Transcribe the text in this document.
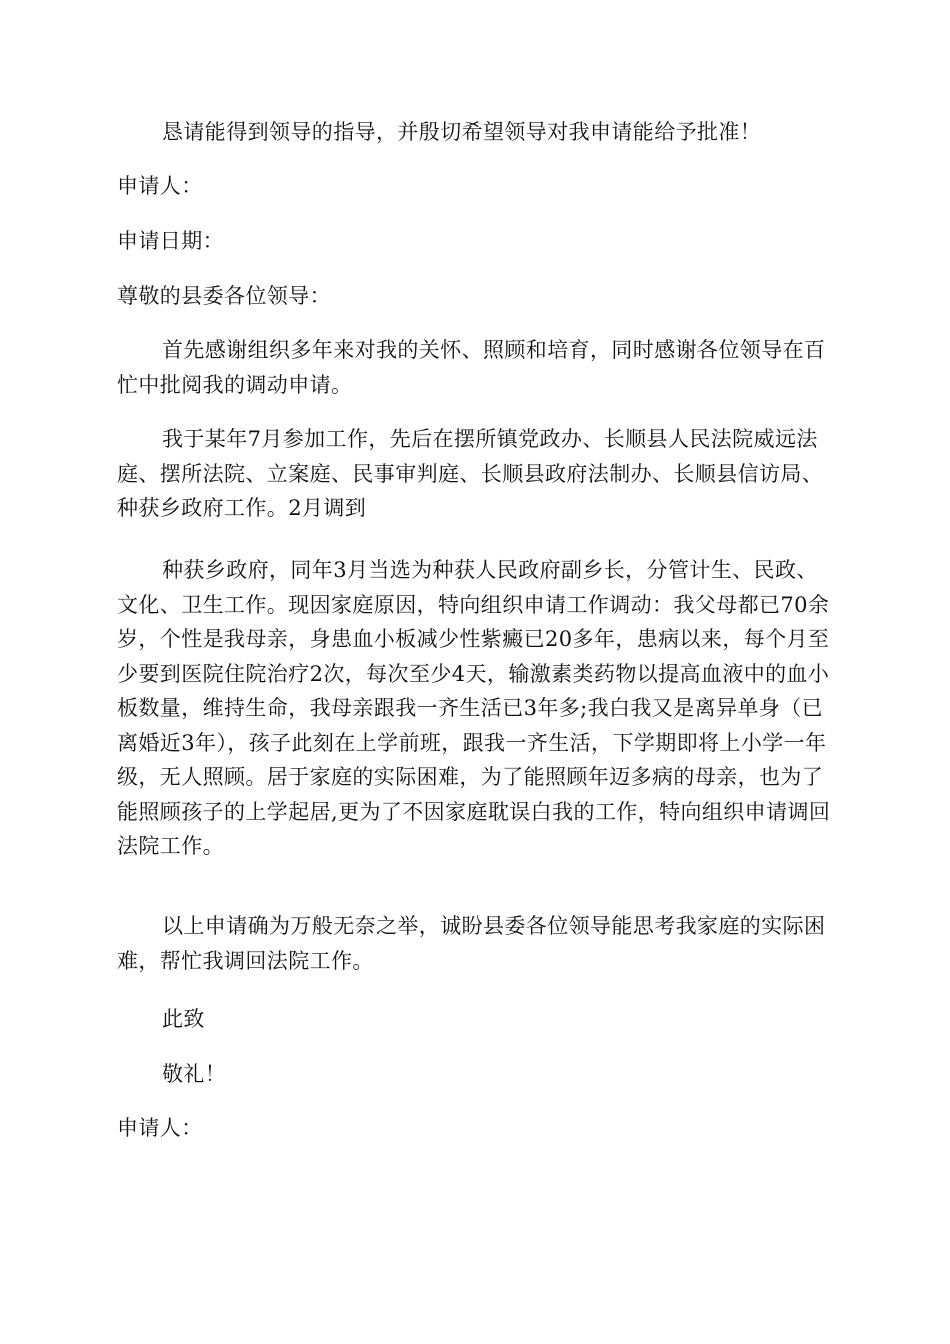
恳请能得到领导的指导，并殷切希望领导对我申请能给予批准！

申请人：

申请日期：

尊敬的县委各位领导：

首先感谢组织多年来对我的关怀、照顾和培育，同时感谢各位领导在百忙中批阅我的调动申请。

我于某年7月参加工作，先后在摆所镇党政办、长顺县人民法院威远法庭、摆所法院、立案庭、民事审判庭、长顺县政府法制办、长顺县信访局、种获乡政府工作。2月调到

种获乡政府，同年3月当选为种获人民政府副乡长，分管计生、民政、文化、卫生工作。现因家庭原因，特向组织申请工作调动：我父母都已70余岁，个性是我母亲，身患血小板减少性紫癜已20多年，患病以来，每个月至少要到医院住院治疗2次，每次至少4天，输激素类药物以提高血液中的血小板数量，维持生命，我母亲跟我一齐生活已3年多;我白我又是离异单身（已离婚近3年），孩子此刻在上学前班，跟我一齐生活，下学期即将上小学一年级，无人照顾。居于家庭的实际困难，为了能照顾年迈多病的母亲，也为了能照顾孩子的上学起居,更为了不因家庭耽误白我的工作，特向组织申请调回法院工作。

以上申请确为万般无奈之举，诚盼县委各位领导能思考我家庭的实际困难，帮忙我调回法院工作。

此致

敬礼！

申请人：
